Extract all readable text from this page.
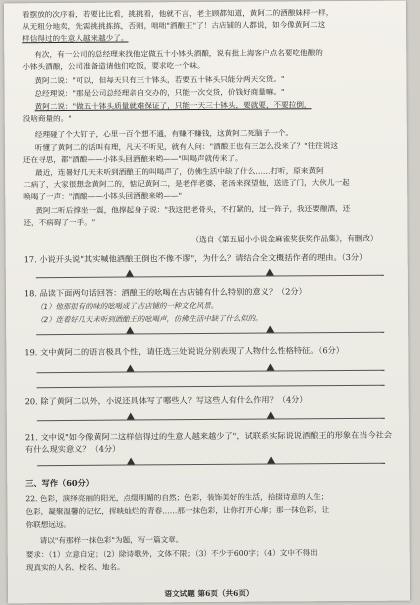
看摆放的次序看，若要比比看，挑挑看，他就不言，老主顾都知道，黄阿二的酒酿妹样一样，
从无粗分地卖，先需挑挑拣拣，否则，咄咄"酒酿王"了！古店铺的人都说，如今像黄阿二这
样信得过的生意人越来越少了。
有次，有一公司的总经理来找他定做五十小钵头酒酿，说有批上海客户点名要吃他酿的
小钵头酒酿，公司准备造请他们吃饭，要求吃一个味。
黄阿二说："可以，但每天只有三十钵头，若要五十钵头只能分两天交货。"
总经理说："那是公司总经理亲自交办的，只能一次交货，价钱好商量嘛。"
黄阿二说："做五十钵头质量就难保证了，只能一天三十钵头，要就要，不要拉倒，
没啥商量的。"
经理碰了个大钉子，心里一百个想不通，有赚不赚钱，这黄阿二死脑子一个。
听懂了黄阿二的话叫有理，凡天不听见，就有人问："酒酿王也有三怎么没来了？"往往说这
还在寻思，都"酒酿——小钵头回酒酿来哟——"叫喝声就传来了。
最近，连暑好几天未听到酒酿王的叫喝声了，仿佛生活中缺了什么……打听，原来黄阿
二病了，大家很想念黄阿二的，惦记黄阿二，是老伴老婆、老汤来探望他，送进了门，大伙儿一起
唤喝了一声："酒酿——小钵头回酒酿来哟——"
黄阿二听后撑坐一震，他撑起身子说："我这把老骨头，不打紧的，过一阵子，我还要酿酒，还
还，不病碍了一手。"
（选自《第五届小小说金麻雀奖获奖作品集》，有删改）
17. 小说开头说"其实喊他酒酿王倒也不像不谬"，为什么？请结合全文概括作者的理由。（3分）
18. 品读下面两句话回答：酒酿王的吆喝在古店铺有什么特别的意义？（2分）
（1）他那很有的味的吆喝成了古店铺的一种文化风景。
（2）连着好几天未听到酒酿王的吆喝声，仿佛生活中缺了什么似的。
19. 文中黄阿二的语言极具个性，请任选三处说说分别表现了人物什么性格特征。（6分）
20. 除了黄阿二以外，小说还具体写了哪些人？写这些人有什么作用？（4分）
21. 文中说"如今像黄阿二这样信得过的生意人越来越少了"，试联系实际说说酒酿王的形象在当今社会有什么现实意义？（4分）
三、写作（60分）
22. 色彩，演绎亮丽的阳光，点缀明媚的自然；色彩，装饰美好的生活，拾掇诗意的人生；
色彩，凝聚温馨的记忆，挥映灿烂的青春……那一抹色彩，让你打开心扉；那一抹色彩，让
你联想远远。
请以"有那样一抹色彩"为题，写一篇文章。
要求：（1）立意自定；（2）除诗歌外，文体不限；（3）不少于600字；（4）文中不得出
现真实的人名、校名、地名。
语文试题 第6页（共6页）
